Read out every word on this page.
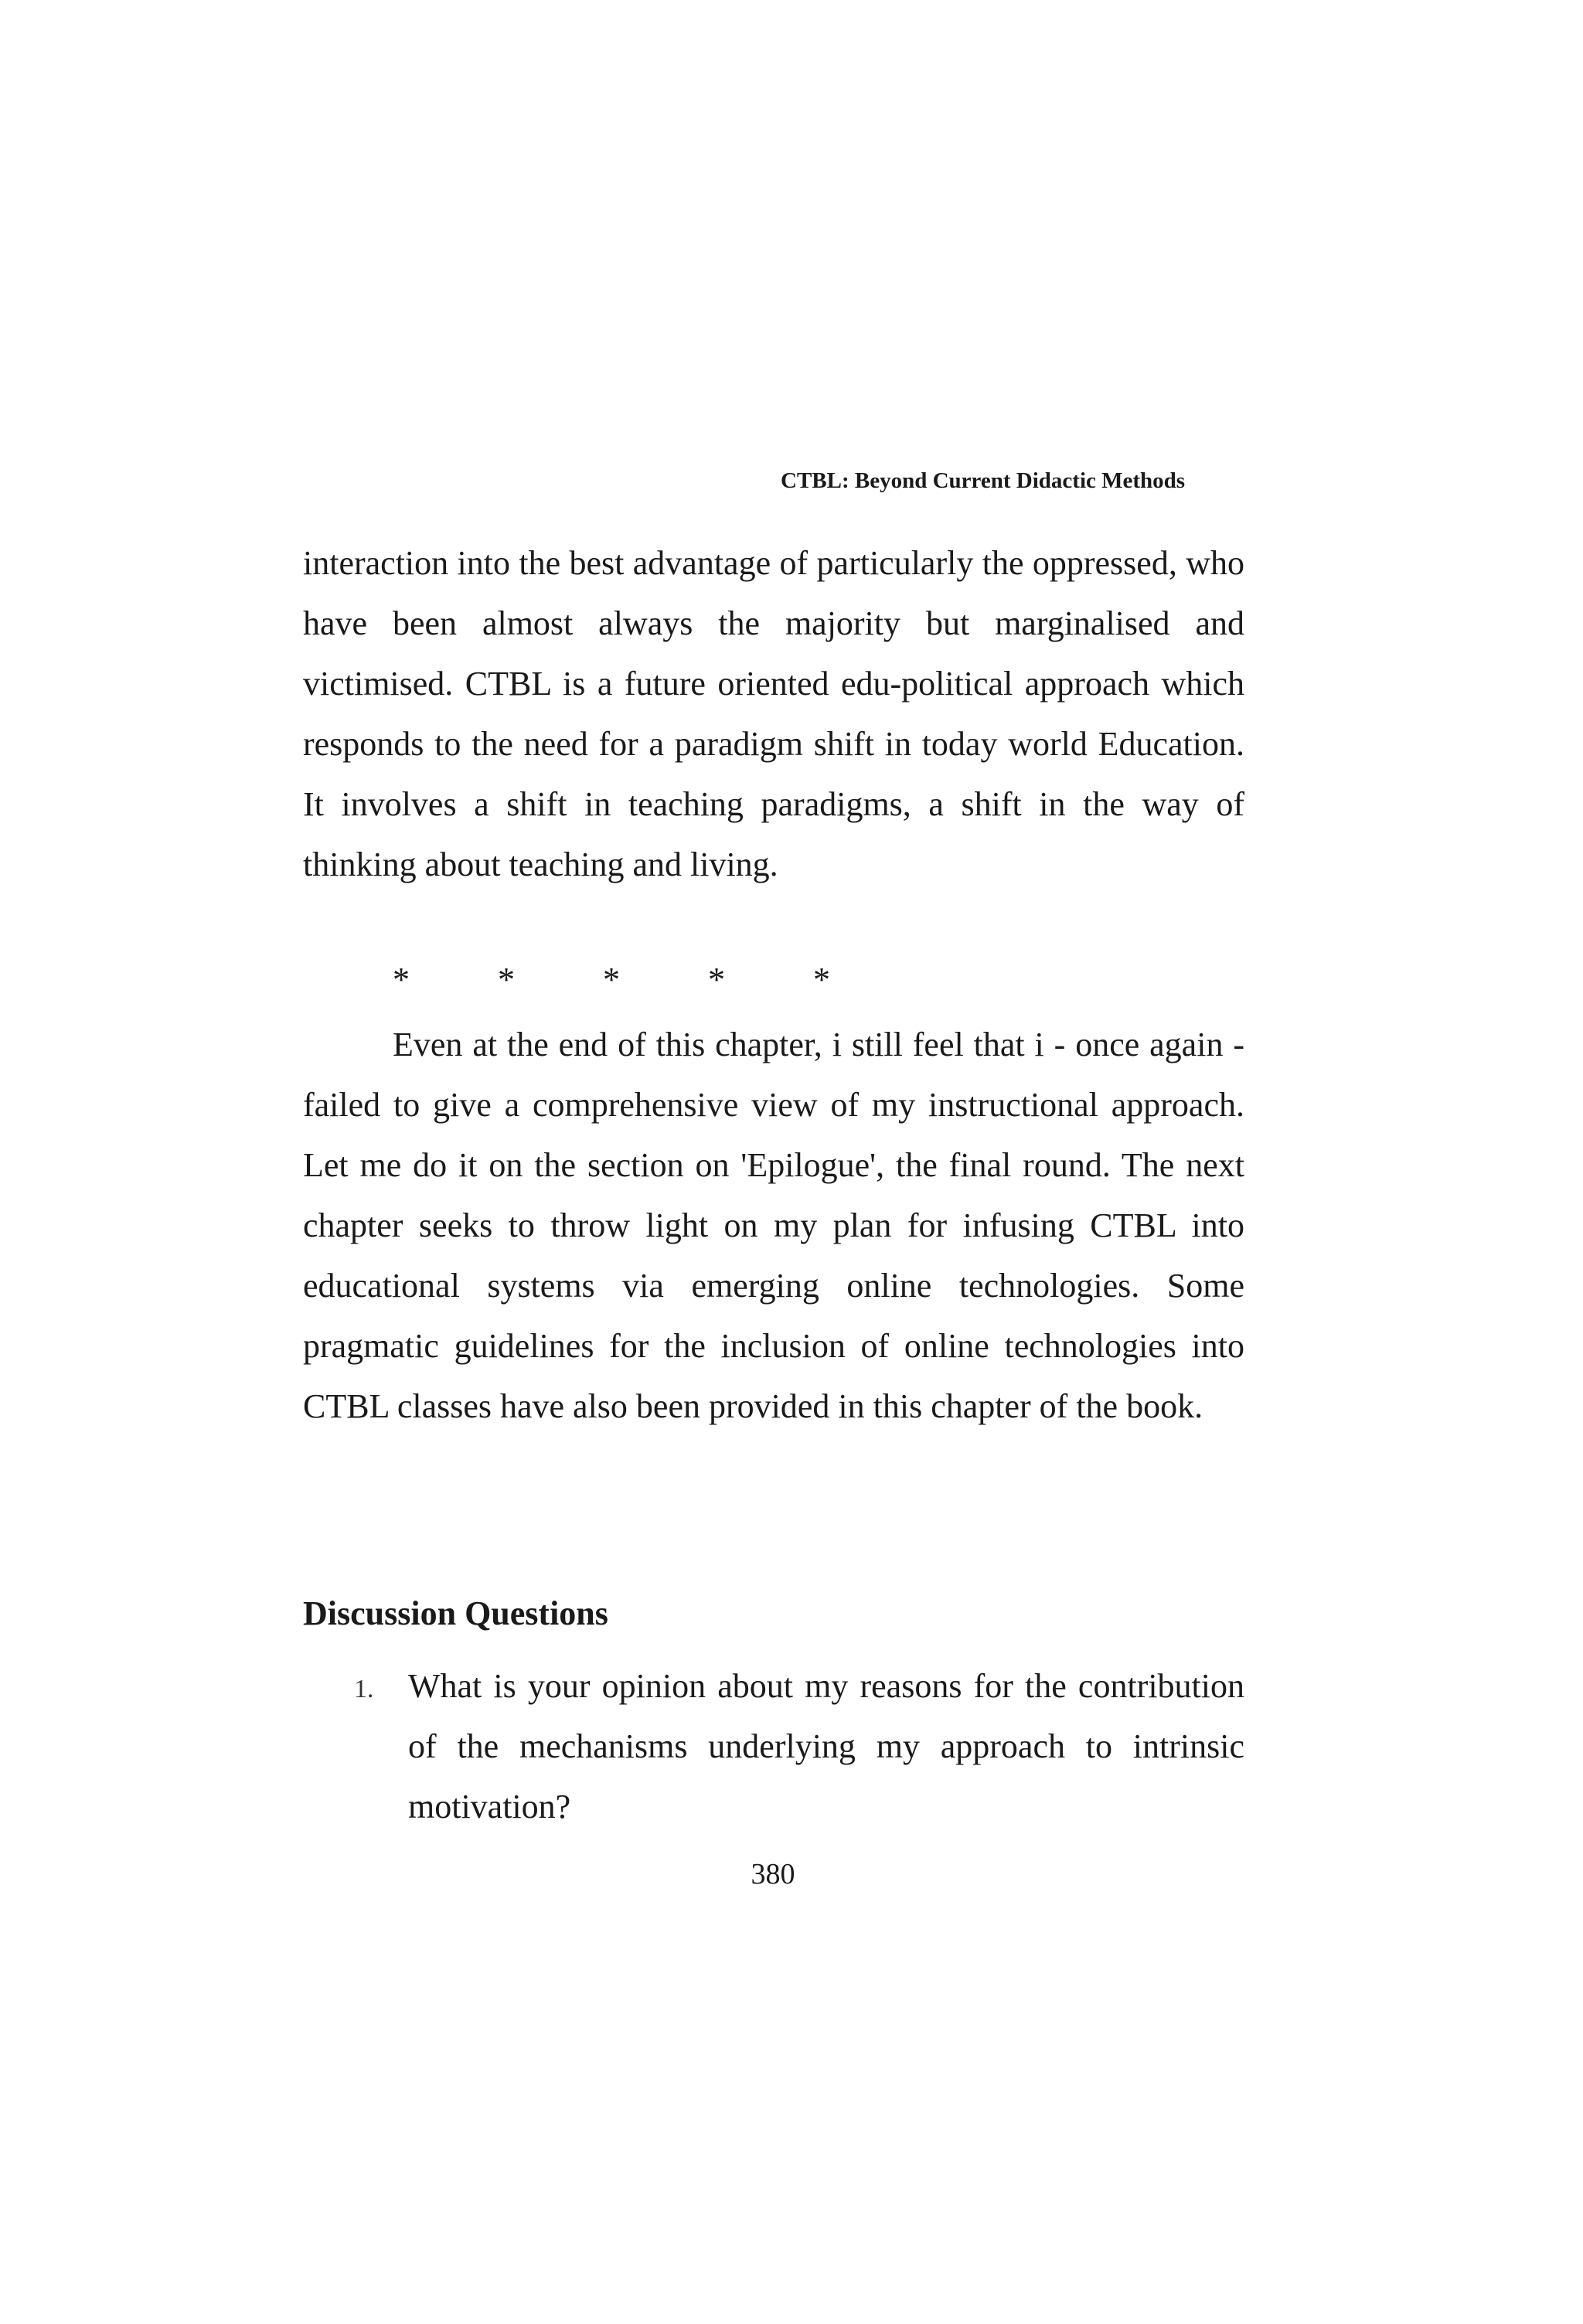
CTBL: Beyond Current Didactic Methods

interaction into the best advantage of particularly the oppressed, who have been almost always the majority but marginalised and victimised. CTBL is a future oriented edu-political approach which responds to the need for a paradigm shift in today world Education. It involves a shift in teaching paradigms, a shift in the way of thinking about teaching and living.

*	*	*	*	*

Even at the end of this chapter, i still feel that i - once again - failed to give a comprehensive view of my instructional approach. Let me do it on the section on 'Epilogue', the final round. The next chapter seeks to throw light on my plan for infusing CTBL into educational systems via emerging online technologies. Some pragmatic guidelines for the inclusion of online technologies into CTBL classes have also been provided in this chapter of the book.

Discussion Questions
1. What is your opinion about my reasons for the contribution of the mechanisms underlying my approach to intrinsic motivation?
380
